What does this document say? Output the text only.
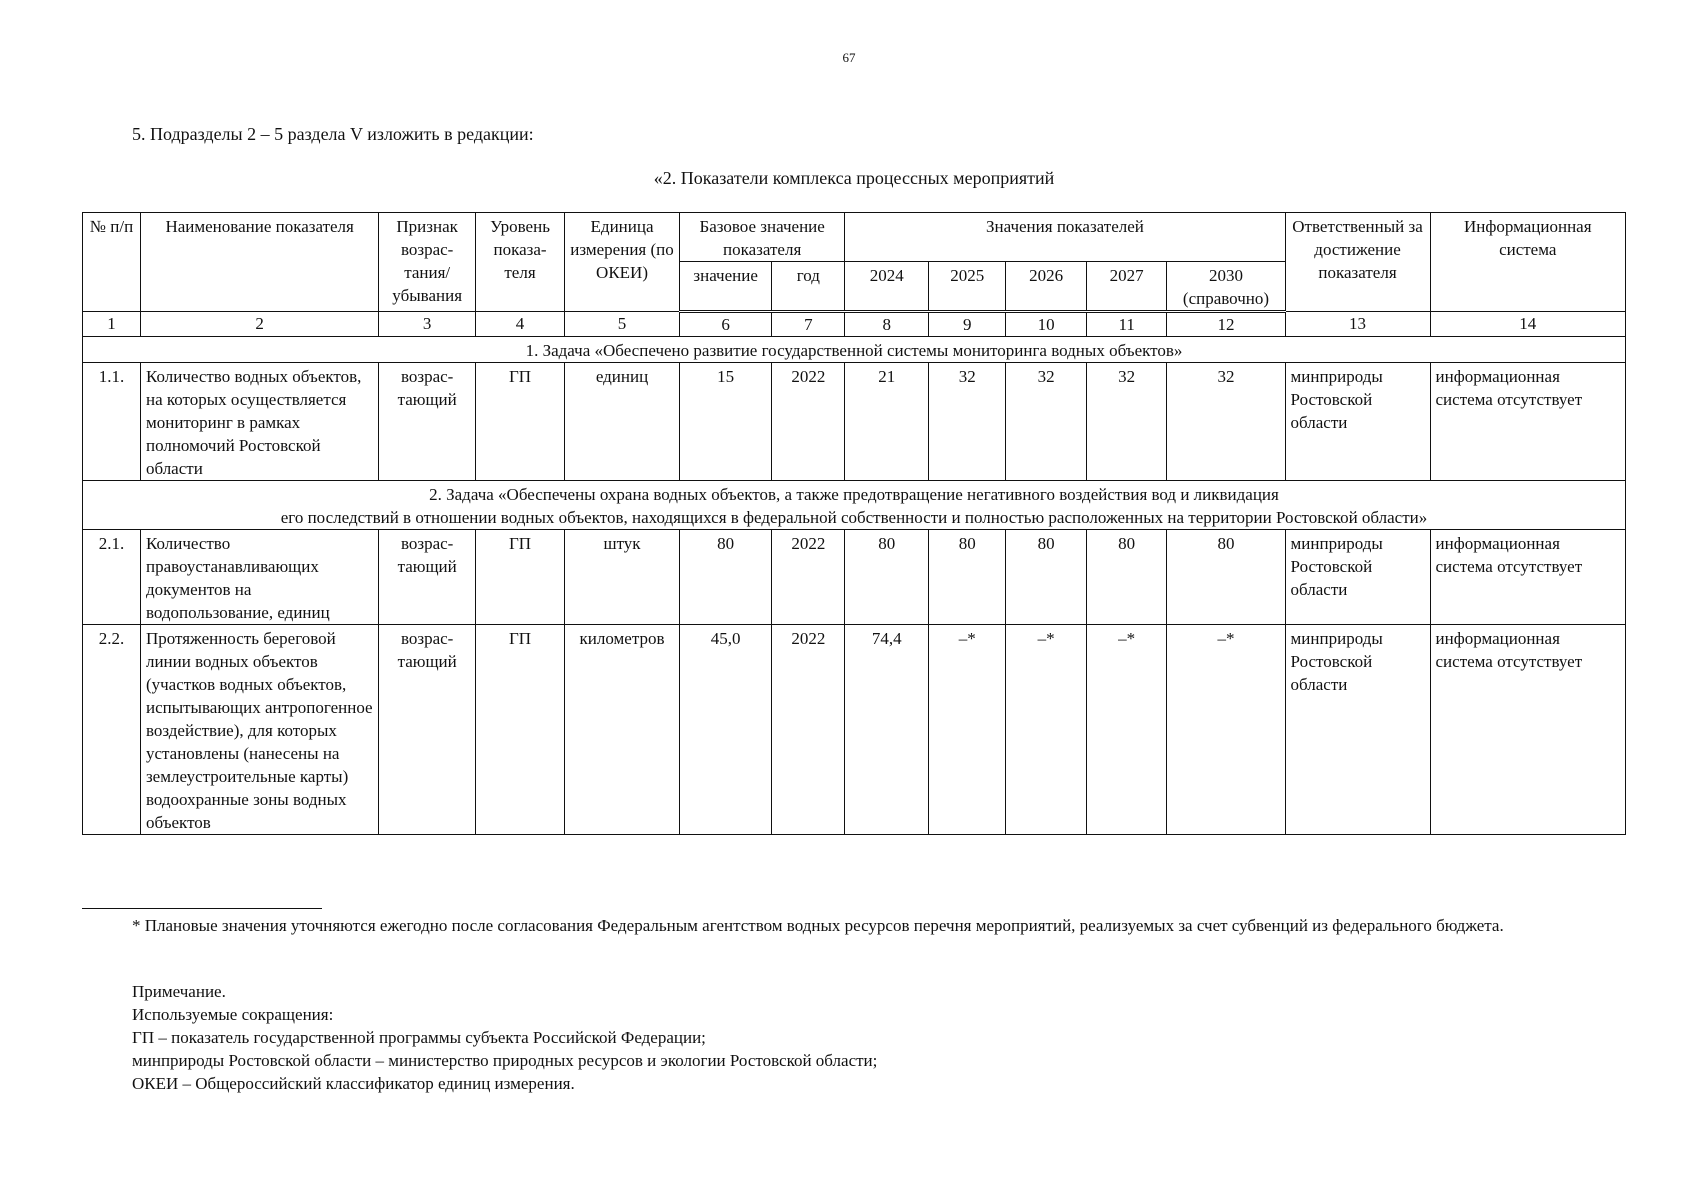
67
5. Подразделы 2 – 5 раздела V изложить в редакции:
«2. Показатели комплекса процессных мероприятий
№ п/п	Наименование показателя	Признак возрас-тания/ убывания	Уровень показа-теля	Единица измерения (по ОКЕИ)	Базовое значение показателя		Значения показателей					Ответственный за достижение показателя	Информационная система
					значение	год	2024	2025	2026	2027	2030
(справочно)		

1	2	3	4	5	6	7	8	9	10	11	12	13	14
1. Задача «Обеспечено развитие государственной системы мониторинга водных объектов»													
1.1.	Количество водных объектов, на которых осуществляется мониторинг в рамках полномочий Ростовской области	возрас-тающий	ГП	единиц	15	2022	21	32	32	32	32	минприроды Ростовской области	информационная система отсутствует

2. Задача «Обеспечены охрана водных объектов, а также предотвращение негативного воздействия вод и ликвидация
его последствий в отношении водных объектов, находящихся в федеральной собственности и полностью расположенных на территории Ростовской области»													

2.1.	Количество правоустанавливающих документов на водопользование, единиц	возрас-тающий	ГП	штук	80	2022	80	80	80	80	80	минприроды Ростовской области	информационная система отсутствует
2.2.	Протяженность береговой линии водных объектов (участков водных объектов, испытывающих антропогенное воздействие), для которых установлены (нанесены на землеустроительные карты) водоохранные зоны водных объектов	возрас-тающий	ГП	километров	45,0	2022	74,4	–*	–*	–*	–*	минприроды Ростовской области	информационная система отсутствует
* Плановые значения уточняются ежегодно после согласования Федеральным агентством водных ресурсов перечня мероприятий, реализуемых за счет субвенций из федерального бюджета.
Примечание.
Используемые сокращения:
ГП – показатель государственной программы субъекта Российской Федерации;
минприроды Ростовской области – министерство природных ресурсов и экологии Ростовской области;
ОКЕИ – Общероссийский классификатор единиц измерения.
